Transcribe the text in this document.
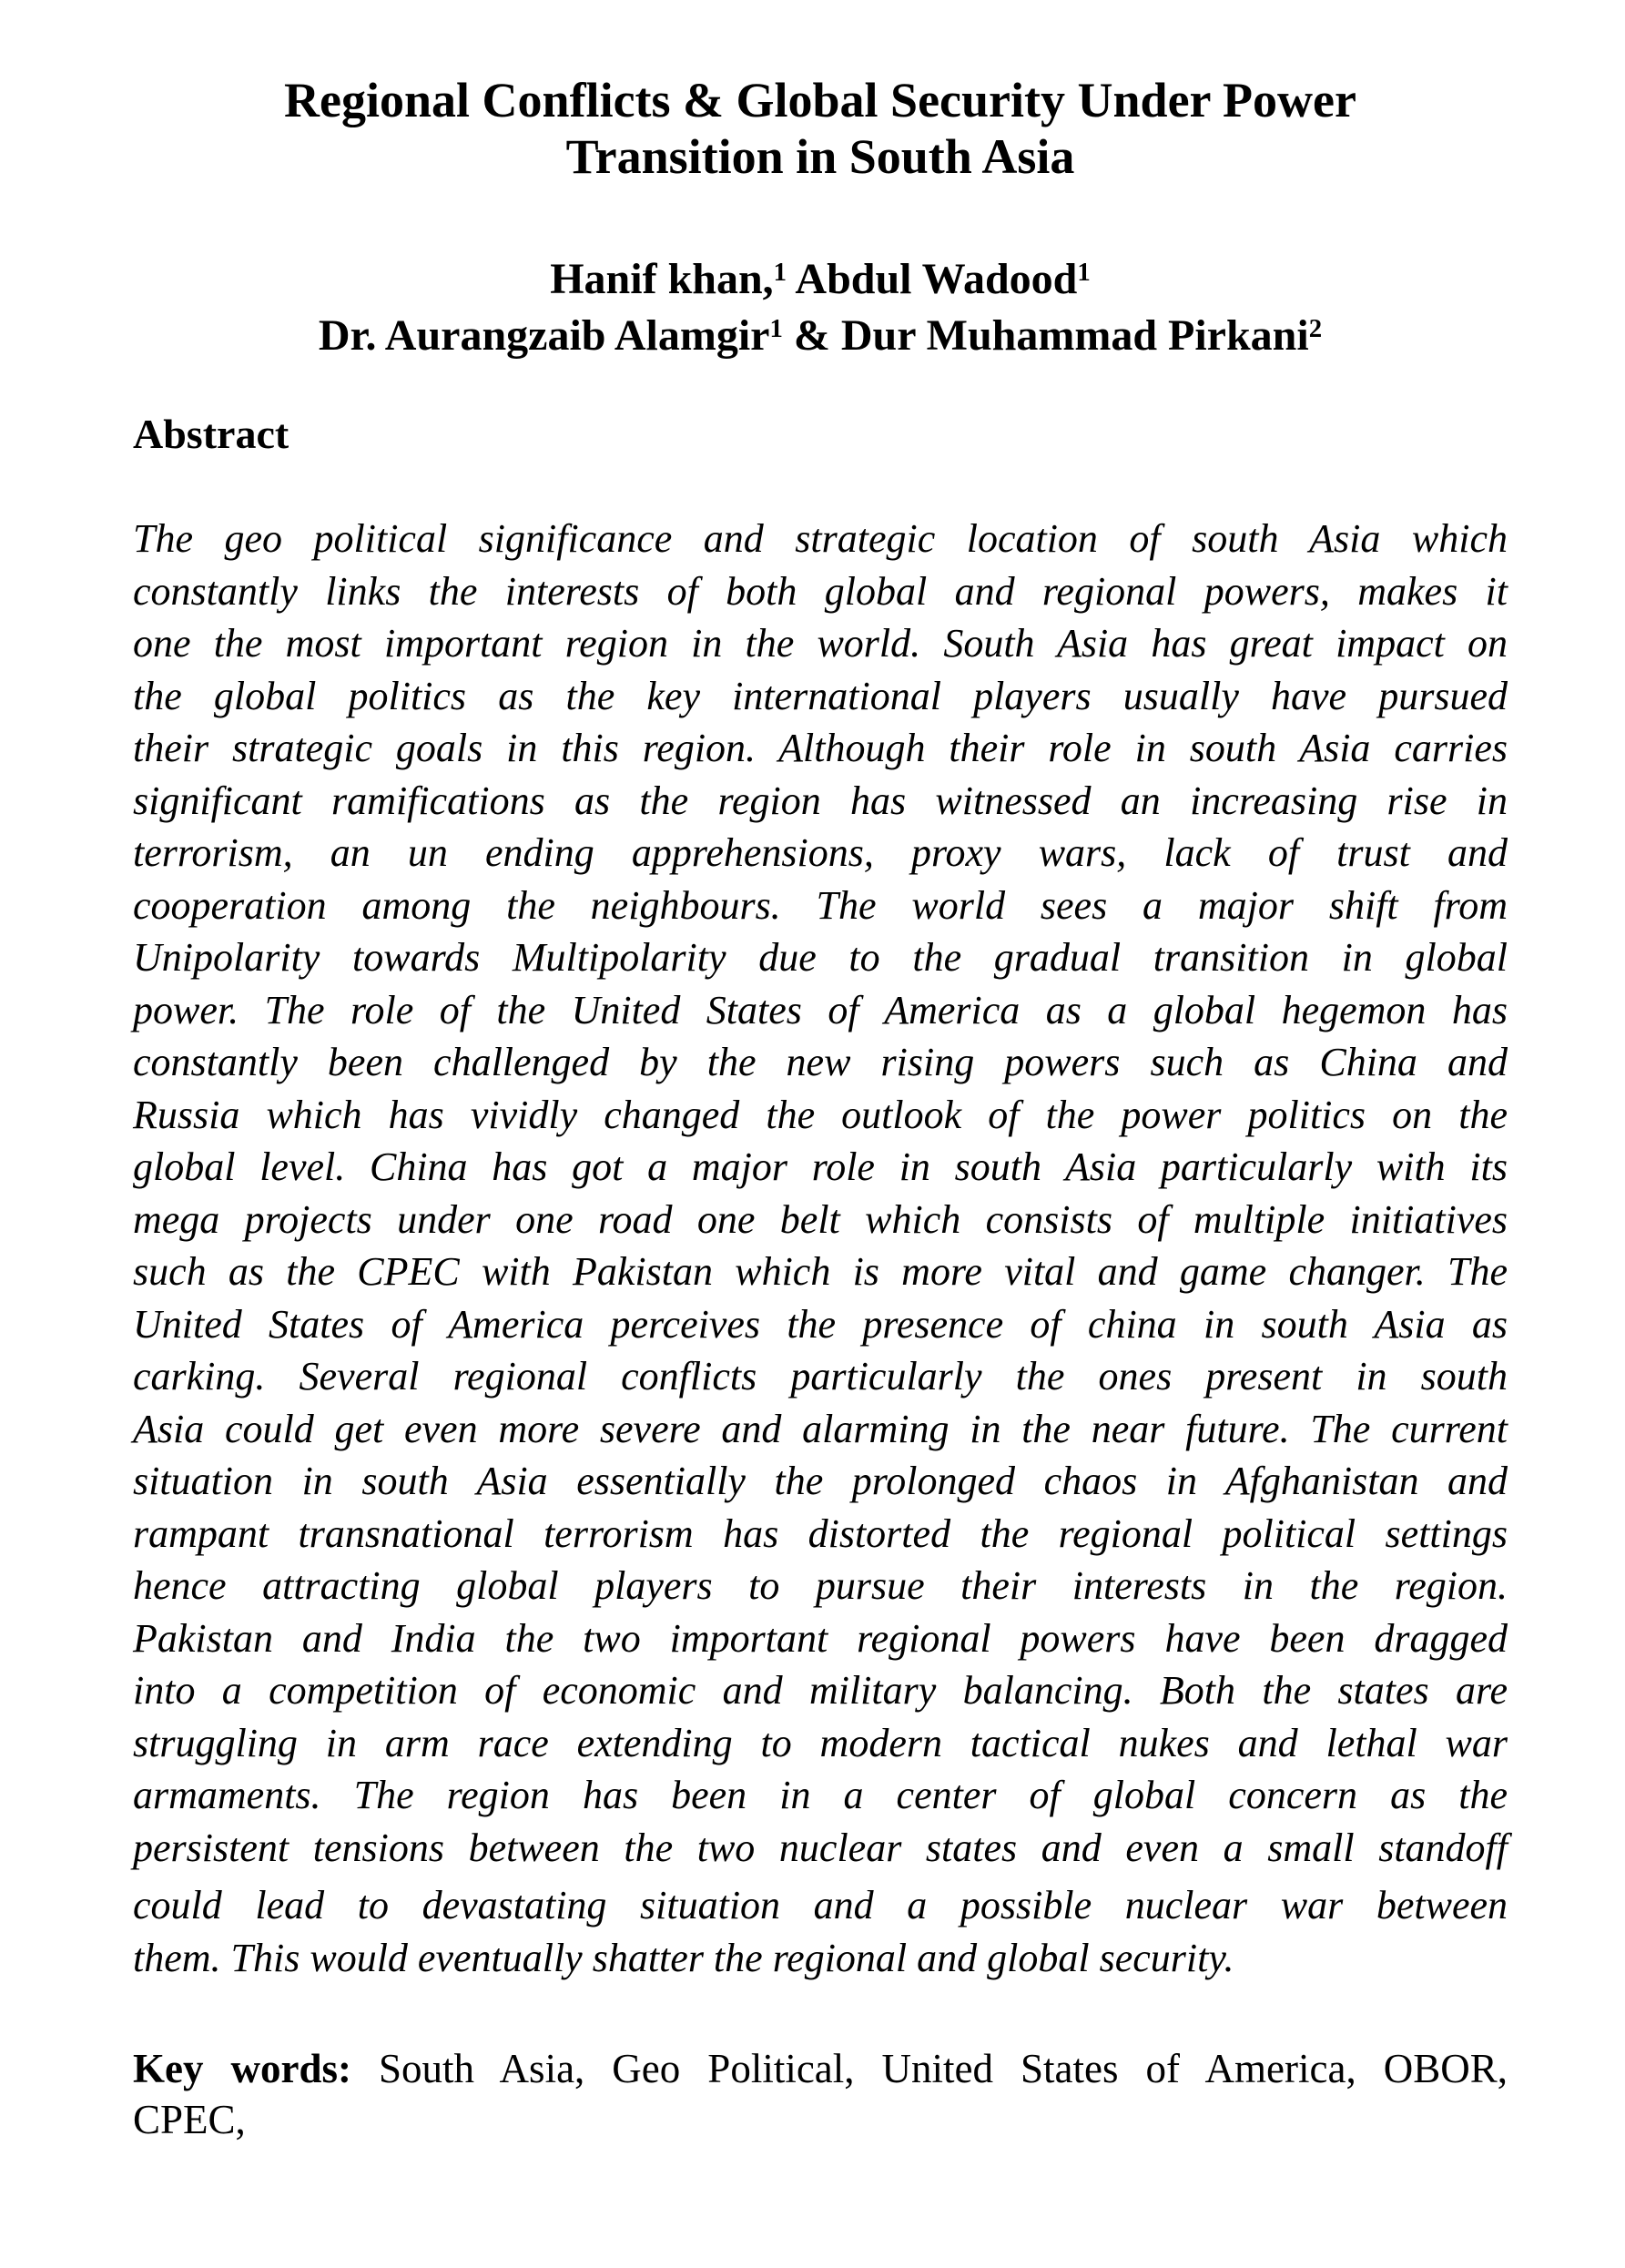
Regional Conflicts & Global Security Under Power
Transition in South Asia
Hanif khan,$^1$ Abdul Wadood$^1$
Dr. Aurangzaib Alamgir$^1$ & Dur Muhammad Pirkani$^2$
Abstract
The geo political significance and strategic location of south Asia which
constantly links the interests of both global and regional powers, makes it
one the most important region in the world. South Asia has great impact on
the global politics as the key international players usually have pursued
their strategic goals in this region. Although their role in south Asia carries
significant ramifications as the region has witnessed an increasing rise in
terrorism, an un ending apprehensions, proxy wars, lack of trust and
cooperation among the neighbours. The world sees a major shift from
Unipolarity towards Multipolarity due to the gradual transition in global
power. The role of the United States of America as a global hegemon has
constantly been challenged by the new rising powers such as China and
Russia which has vividly changed the outlook of the power politics on the
global level. China has got a major role in south Asia particularly with its
mega projects under one road one belt which consists of multiple initiatives
such as the CPEC with Pakistan which is more vital and game changer. The
United States of America perceives the presence of china in south Asia as
carking. Several regional conflicts particularly the ones present in south
Asia could get even more severe and alarming in the near future. The current
situation in south Asia essentially the prolonged chaos in Afghanistan and
rampant transnational terrorism has distorted the regional political settings
hence attracting global players to pursue their interests in the region.
Pakistan and India the two important regional powers have been dragged
into a competition of economic and military balancing. Both the states are
struggling in arm race extending to modern tactical nukes and lethal war
armaments. The region has been in a center of global concern as the
persistent tensions between the two nuclear states and even a small standoff
could lead to devastating situation and a possible nuclear war between
them. This would eventually shatter the regional and global security.
Key words: South Asia, Geo Political, United States of America, OBOR,
CPEC,
